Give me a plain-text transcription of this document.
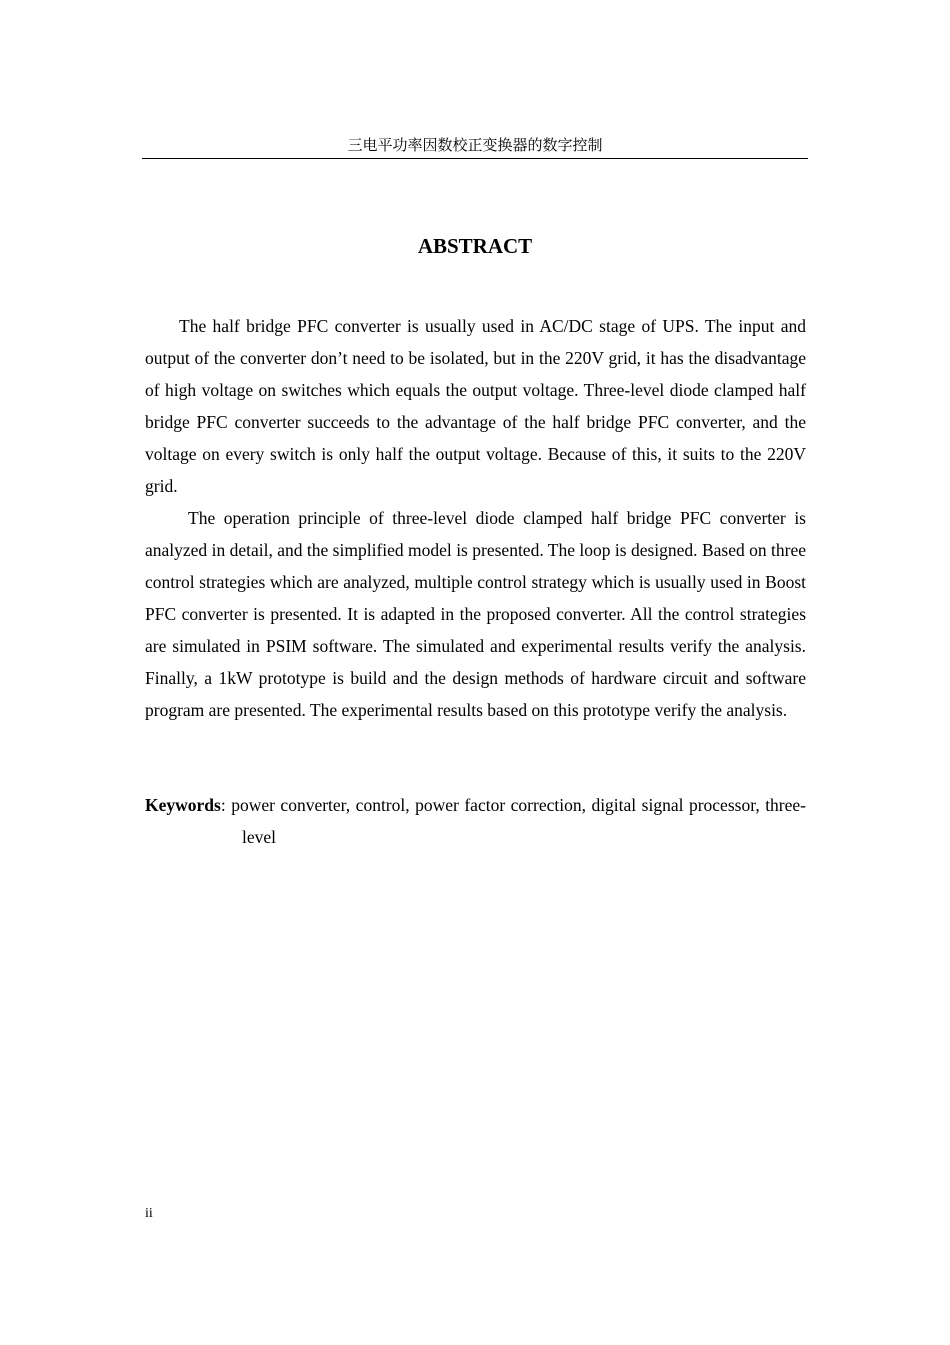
三电平功率因数校正变换器的数字控制
ABSTRACT

The half bridge PFC converter is usually used in AC/DC stage of UPS. The input and output of the converter don’t need to be isolated, but in the 220V grid, it has the disadvantage of high voltage on switches which equals the output voltage. Three-level diode clamped half bridge PFC converter succeeds to the advantage of the half bridge PFC converter, and the voltage on every switch is only half the output voltage. Because of this, it suits to the 220V grid.

The operation principle of three-level diode clamped half bridge PFC converter is analyzed in detail, and the simplified model is presented. The loop is designed. Based on three control strategies which are analyzed, multiple control strategy which is usually used in Boost PFC converter is presented. It is adapted in the proposed converter. All the control strategies are simulated in PSIM software. The simulated and experimental results verify the analysis. Finally, a 1kW prototype is build and the design methods of hardware circuit and software program are presented. The experimental results based on this prototype verify the analysis.

Keywords: power converter, control, power factor correction, digital signal processor, three-level
ii
